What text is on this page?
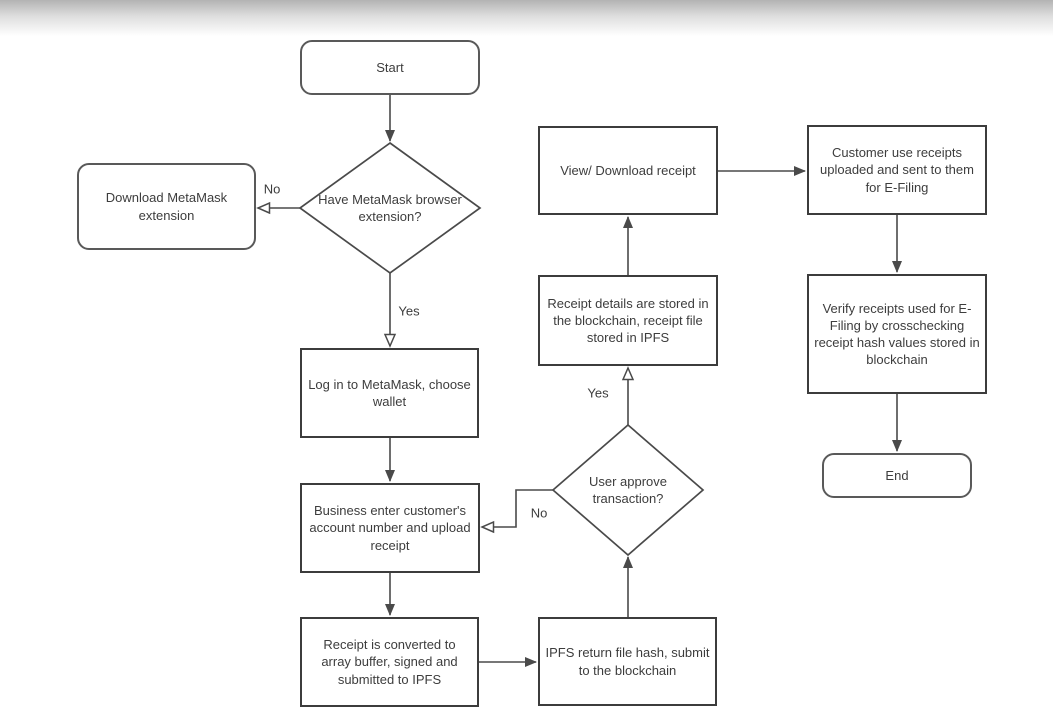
Start
Have MetaMask browser extension?
Download MetaMask extension
Log in to MetaMask, choose wallet
Business enter customer's account number and upload receipt
Receipt is converted to array buffer, signed and submitted to IPFS
IPFS return file hash, submit to the blockchain
User approve transaction?
Receipt details are stored in the blockchain, receipt file stored in IPFS
View/ Download receipt
Customer use receipts uploaded and sent to them for E-Filing
Verify receipts used for E-Filing by crosschecking receipt hash values stored in blockchain
End
No
Yes
Yes
No
